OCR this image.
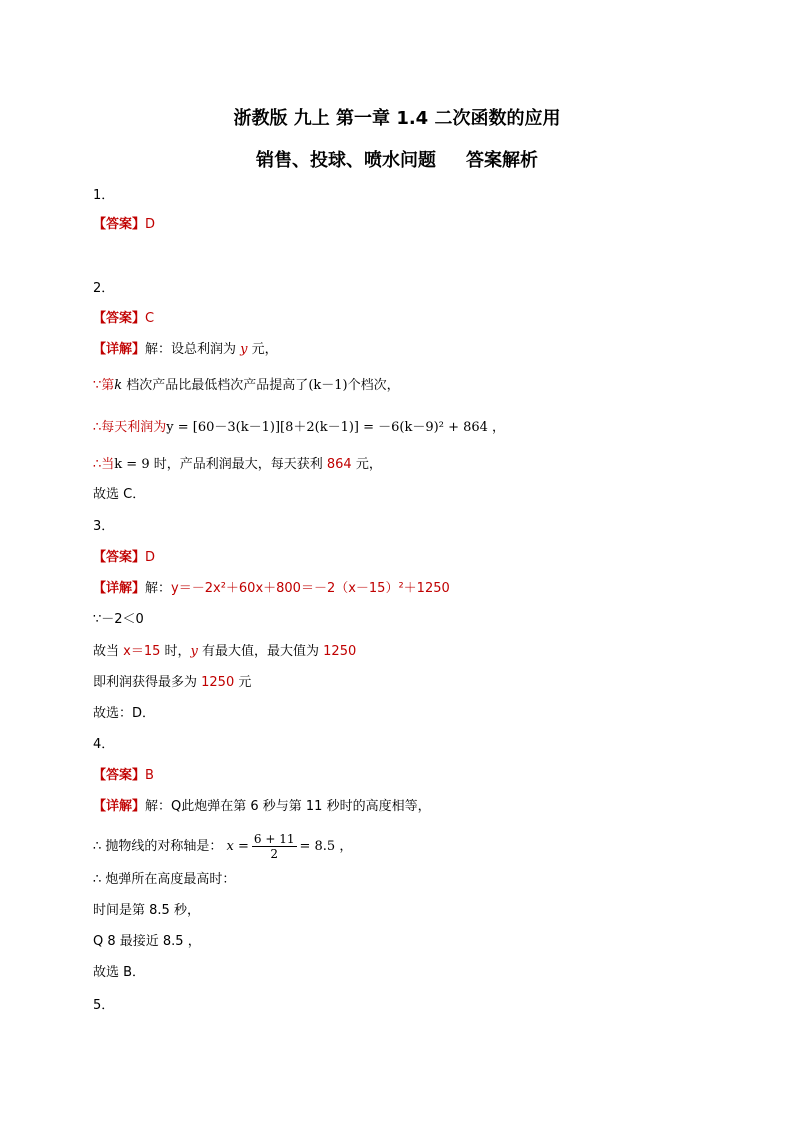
浙教版 九上 第一章 1.4 二次函数的应用
销售、投球、喷水问题 答案解析
1．
【答案】D
2．
【答案】C
【详解】解：设总利润为 y 元，
∵第k 档次产品比最低档次产品提高了(k－1)个档次，
∴每天利润为y = [60－3(k－1)][8＋2(k－1)] = －6(k－9)² + 864 ，
∴当k = 9 时，产品利润最大，每天获利 864 元，
故选 C．
3．
【答案】D
【详解】解：y＝－2x²＋60x＋800＝－2（x－15）²＋1250
∵－2＜0
故当 x＝15 时，y 有最大值，最大值为 1250
即利润获得最多为 1250 元
故选：D．
4．
【答案】B
【详解】解：Q此炮弹在第 6 秒与第 11 秒时的高度相等，
∴ 抛物线的对称轴是： $x = \frac{6 + 11}{2} = 8.5$ ，
∴ 炮弹所在高度最高时：
时间是第 8.5 秒，
Q 8 最接近 8.5 ，
故选 B．
5．
